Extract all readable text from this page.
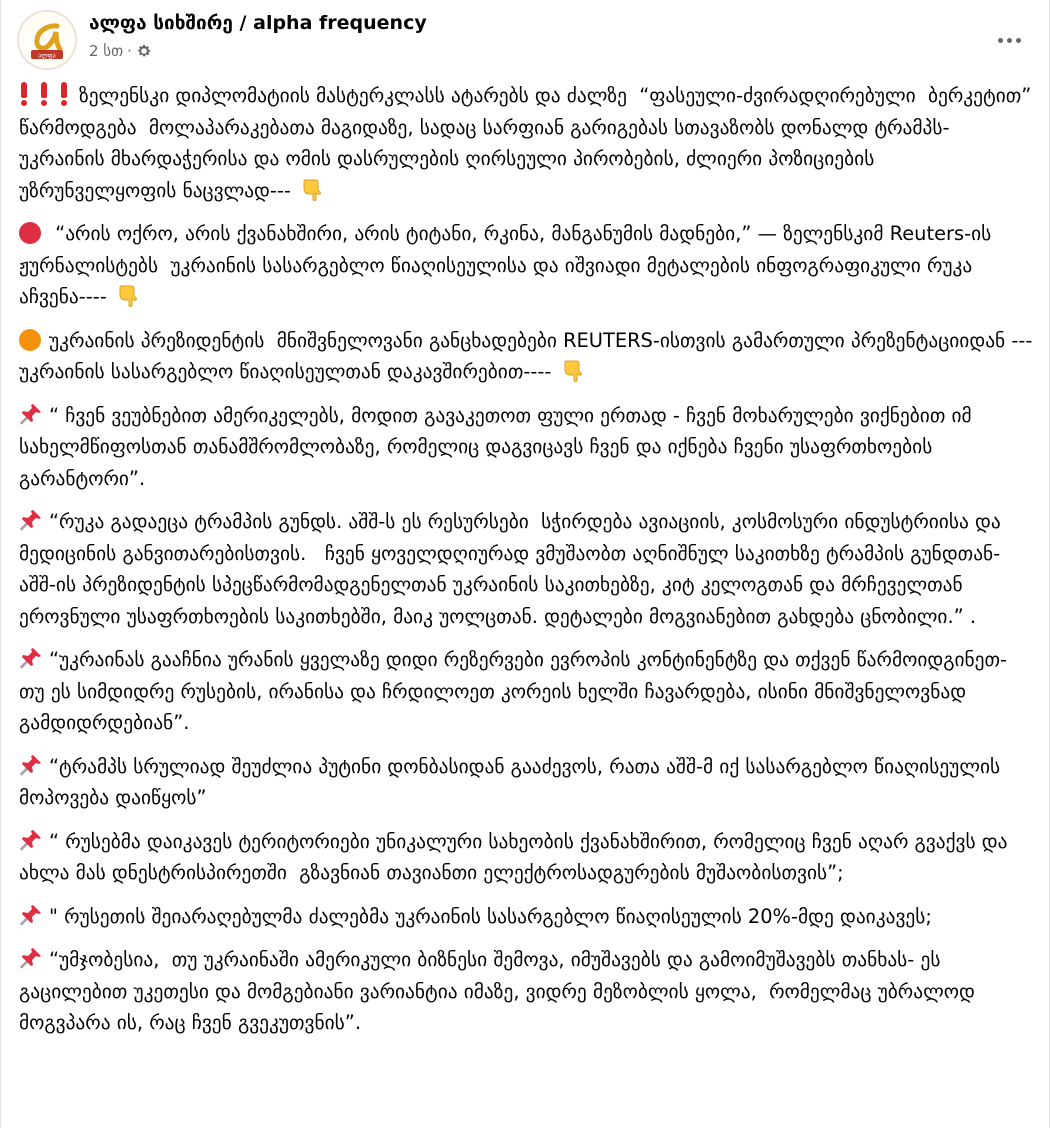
ალფა
ალფა სიხშირე / alpha frequency
2 სთ ·

ზელენსკი დიპლომატიის მასტერკლასს ატარებს და ძალზე  “ფასეული-ძვირადღირებული  ბერკეტით”  წარმოდგება  მოლაპარაკებათა მაგიდაზე, სადაც სარფიან გარიგებას სთავაზობს დონალდ ტრამპს-  უკრაინის მხარდაჭერისა და ომის დასრულების ღირსეული პირობების, ძლიერი პოზიციების  უზრუნველყოფის ნაცვლად---

“არის ოქრო, არის ქვანახშირი, არის ტიტანი, რკინა, მანგანუმის მადნები,” — ზელენსკიმ Reuters-ის ჟურნალისტებს  უკრაინის სასარგებლო წიაღისეულისა და იშვიადი მეტალების ინფოგრაფიკული რუკა აჩვენა----

უკრაინის პრეზიდენტის  მნიშვნელოვანი განცხადებები REUTERS-ისთვის გამართული პრეზენტაციიდან --- უკრაინის სასარგებლო წიაღისეულთან დაკავშირებით----

“ ჩვენ ვეუბნებით ამერიკელებს, მოდით გავაკეთოთ ფული ერთად - ჩვენ მოხარულები ვიქნებით იმ სახელმწიფოსთან თანამშრომლობაზე, რომელიც დაგვიცავს ჩვენ და იქნება ჩვენი უსაფრთხოების გარანტორი”.

“რუკა გადაეცა ტრამპის გუნდს. აშშ-ს ეს რესურსები  სჭირდება ავიაციის, კოსმოსური ინდუსტრიისა და მედიცინის განვითარებისთვის.   ჩვენ ყოველდღიურად ვმუშაობთ აღნიშნულ საკითხზე ტრამპის გუნდთან- აშშ-ის პრეზიდენტის სპეცწარმომადგენელთან უკრაინის საკითხებზე, კიტ კელოგთან და მრჩეველთან ეროვნული უსაფრთხოების საკითხებში, მაიკ უოლცთან. დეტალები მოგვიანებით გახდება ცნობილი.” .

“უკრაინას გააჩნია ურანის ყველაზე დიდი რეზერვები ევროპის კონტინენტზე და თქვენ წარმოიდგინეთ- თუ ეს სიმდიდრე რუსების, ირანისა და ჩრდილოეთ კორეის ხელში ჩავარდება, ისინი მნიშვნელოვნად გამდიდრდებიან”.

“ტრამპს სრულიად შეუძლია პუტინი დონბასიდან გააძევოს, რათა აშშ-მ იქ სასარგებლო წიაღისეულის მოპოვება დაიწყოს”

“ რუსებმა დაიკავეს ტერიტორიები უნიკალური სახეობის ქვანახშირით, რომელიც ჩვენ აღარ გვაქვს და ახლა მას დნესტრისპირეთში  გზავნიან თავიანთი ელექტროსადგურების მუშაობისთვის”;

" რუსეთის შეიარაღებულმა ძალებმა უკრაინის სასარგებლო წიაღისეულის 20%-მდე დაიკავეს;

“უმჯობესია,  თუ უკრაინაში ამერიკული ბიზნესი შემოვა, იმუშავებს და გამოიმუშავებს თანხას- ეს გაცილებით უკეთესი და მომგებიანი ვარიანტია იმაზე, ვიდრე მეზობლის ყოლა,  რომელმაც უბრალოდ მოგვპარა ის, რაც ჩვენ გვეკუთვნის”.
